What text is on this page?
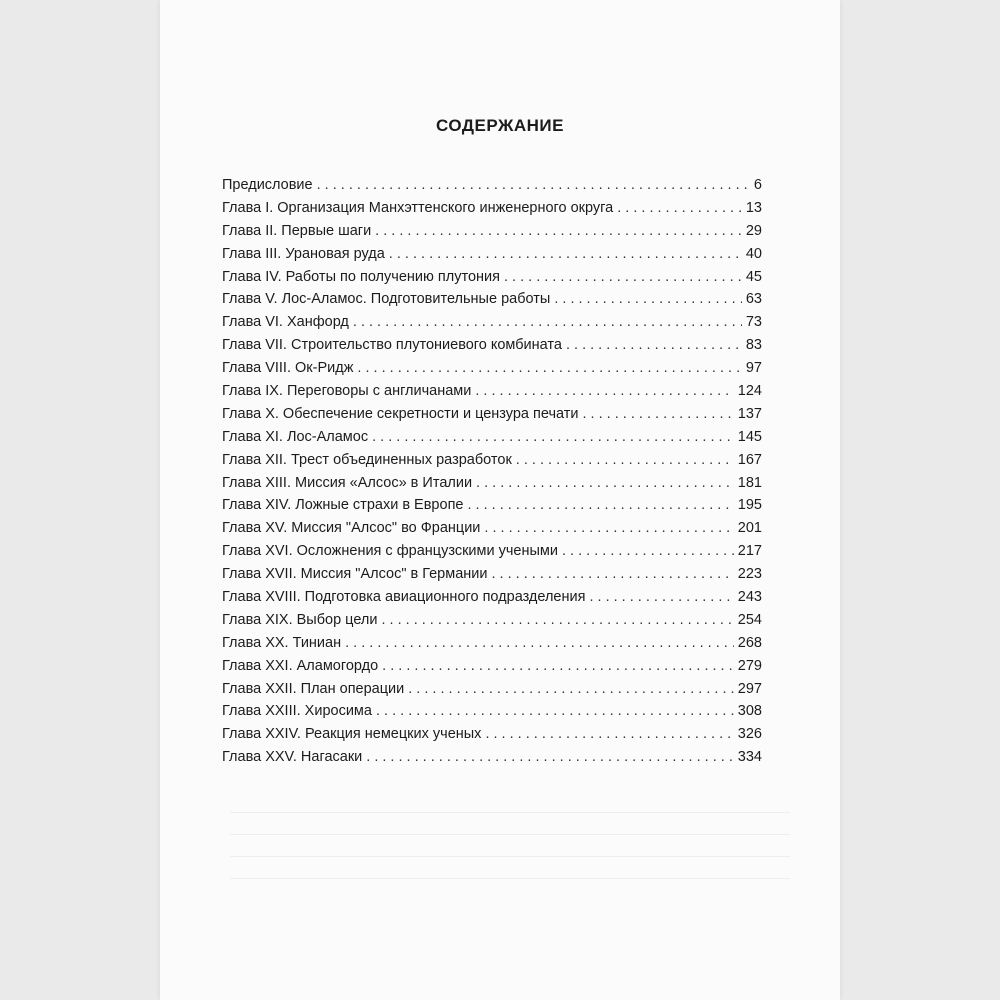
СОДЕРЖАНИЕ
Предисловие . . .	6
Глава I. Организация Манхэттенского инженерного округа . . .	13
Глава II. Первые шаги . . .	29
Глава III. Урановая руда . . .	40
Глава IV. Работы по получению плутония . . .	45
Глава V. Лос-Аламос. Подготовительные работы . . .	63
Глава VI. Ханфорд . . .	73
Глава VII. Строительство плутониевого комбината . . .	83
Глава VIII. Ок-Ридж . . .	97
Глава IX. Переговоры с англичанами . . .	124
Глава X. Обеспечение секретности и цензура печати . . .	137
Глава XI. Лос-Аламос . . .	145
Глава XII. Трест объединенных разработок . . .	167
Глава XIII. Миссия «Алсос» в Италии . . .	181
Глава XIV. Ложные страхи в Европе . . .	195
Глава XV. Миссия "Алсос" во Франции . . .	201
Глава XVI. Осложнения с французскими учеными . . .	217
Глава XVII. Миссия "Алсос" в Германии . . .	223
Глава XVIII. Подготовка авиационного подразделения . . .	243
Глава XIX. Выбор цели . . .	254
Глава XX. Тиниан . . .	268
Глава XXI. Аламогордо . . .	279
Глава XXII. План операции . . .	297
Глава XXIII. Хиросима . . .	308
Глава XXIV. Реакция немецких ученых . . .	326
Глава XXV. Нагасаки . . .	334
